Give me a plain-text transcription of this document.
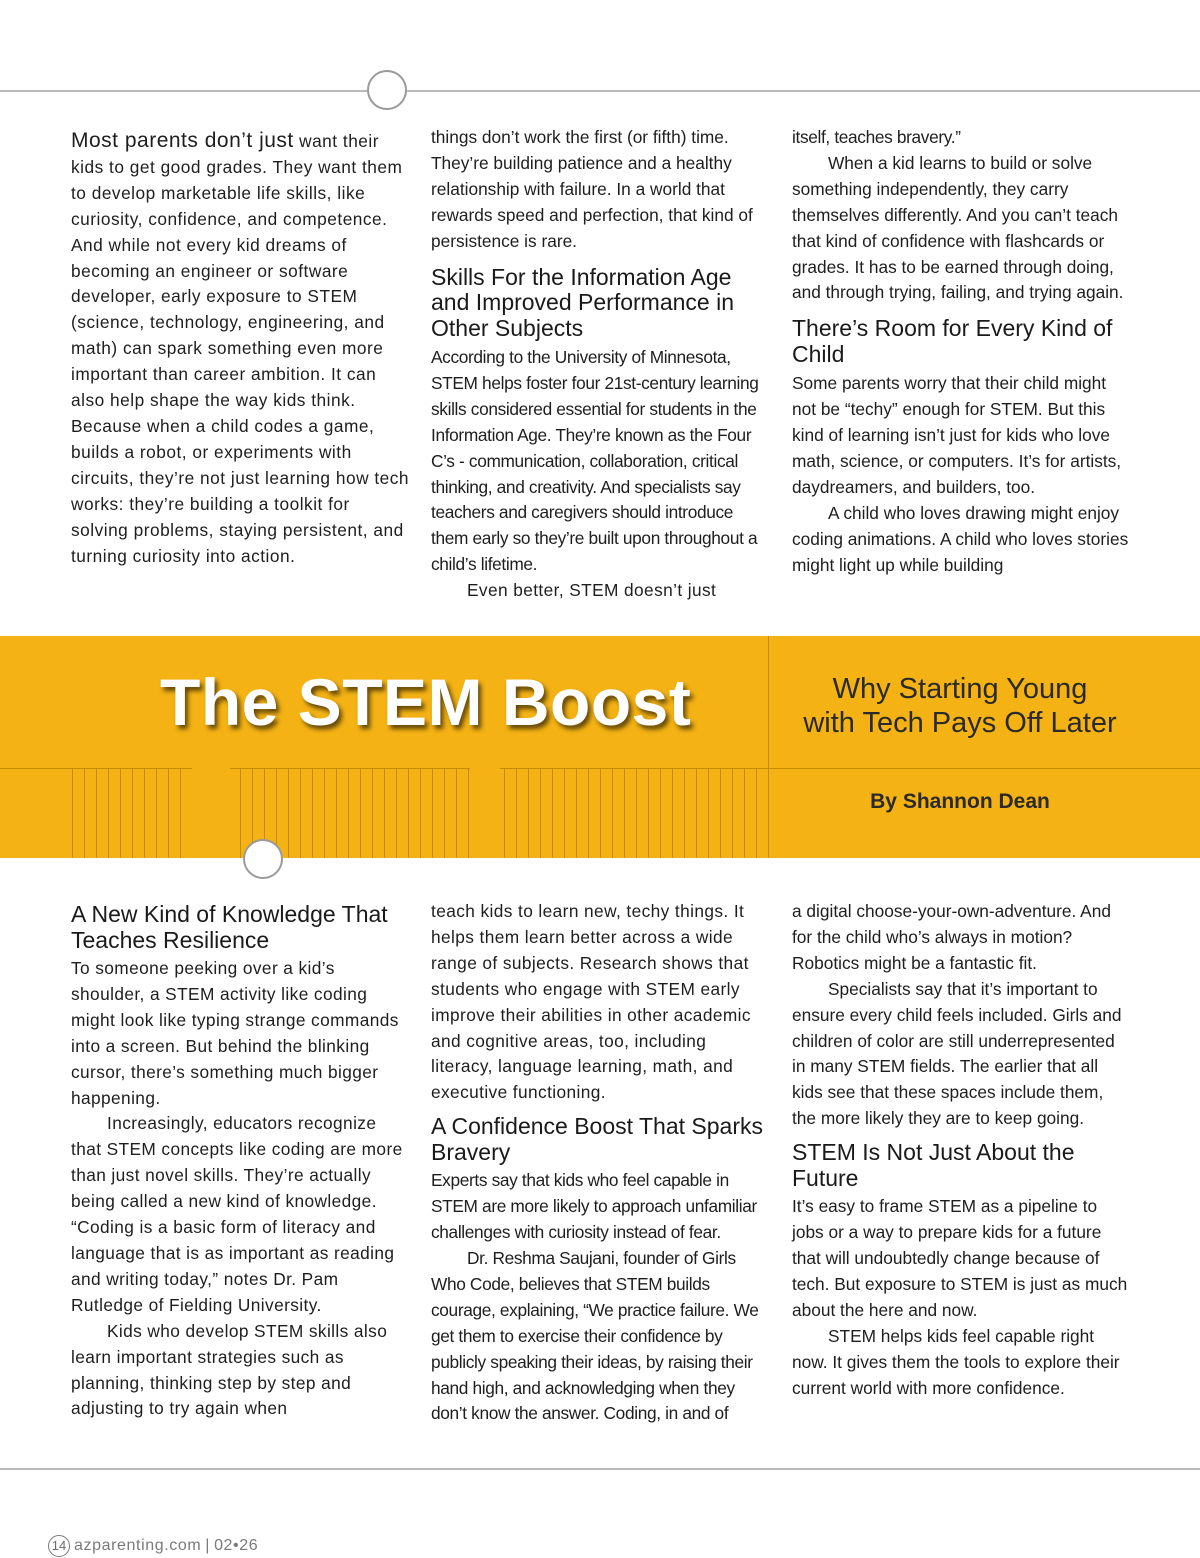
Most parents don’t just want their kids to get good grades. They want them to develop marketable life skills, like curiosity, confidence, and competence. And while not every kid dreams of becoming an engineer or software developer, early exposure to STEM (science, technology, engineering, and math) can spark something even more important than career ambition. It can also help shape the way kids think. Because when a child codes a game, builds a robot, or experiments with circuits, they’re not just learning how tech works: they’re building a toolkit for solving problems, staying persistent, and turning curiosity into action.

things don’t work the first (or fifth) time. They’re building patience and a healthy relationship with failure. In a world that rewards speed and perfection, that kind of persistence is rare.

Skills For the Information Age and Improved Performance in Other Subjects

According to the University of Minnesota, STEM helps foster four 21st-century learning skills considered essential for students in the Information Age. They’re known as the Four C’s - communication, collaboration, critical thinking, and creativity. And specialists say teachers and caregivers should introduce them early so they’re built upon throughout a child’s lifetime.

Even better, STEM doesn’t just

itself, teaches bravery.”

When a kid learns to build or solve something independently, they carry themselves differently. And you can’t teach that kind of confidence with flashcards or grades. It has to be earned through doing, and through trying, failing, and trying again.

There’s Room for Every Kind of Child

Some parents worry that their child might not be “techy” enough for STEM. But this kind of learning isn’t just for kids who love math, science, or computers. It’s for artists, daydreamers, and builders, too.

A child who loves drawing might enjoy coding animations. A child who loves stories might light up while building

The STEM Boost	Why Starting Young
with Tech Pays Off Later
By Shannon Dean
A New Kind of Knowledge That Teaches Resilience

To someone peeking over a kid’s shoulder, a STEM activity like coding might look like typing strange commands into a screen. But behind the blinking cursor, there’s something much bigger happening.

Increasingly, educators recognize that STEM concepts like coding are more than just novel skills. They’re actually being called a new kind of knowledge. “Coding is a basic form of literacy and language that is as important as reading and writing today,” notes Dr. Pam Rutledge of Fielding University.

Kids who develop STEM skills also learn important strategies such as planning, thinking step by step and adjusting to try again when

teach kids to learn new, techy things. It helps them learn better across a wide range of subjects. Research shows that students who engage with STEM early improve their abilities in other academic and cognitive areas, too, including literacy, language learning, math, and executive functioning.

A Confidence Boost That Sparks Bravery

Experts say that kids who feel capable in STEM are more likely to approach unfamiliar challenges with curiosity instead of fear.

Dr. Reshma Saujani, founder of Girls Who Code, believes that STEM builds courage, explaining, “We practice failure. We get them to exercise their confidence by publicly speaking their ideas, by raising their hand high, and acknowledging when they don’t know the answer. Coding, in and of

a digital choose-your-own-adventure. And for the child who’s always in motion? Robotics might be a fantastic fit.

Specialists say that it’s important to ensure every child feels included. Girls and children of color are still underrepresented in many STEM fields. The earlier that all kids see that these spaces include them, the more likely they are to keep going.

STEM Is Not Just About the Future

It’s easy to frame STEM as a pipeline to jobs or a way to prepare kids for a future that will undoubtedly change because of tech. But exposure to STEM is just as much about the here and now.

STEM helps kids feel capable right now. It gives them the tools to explore their current world with more confidence.

14 azparenting.com | 02•26
